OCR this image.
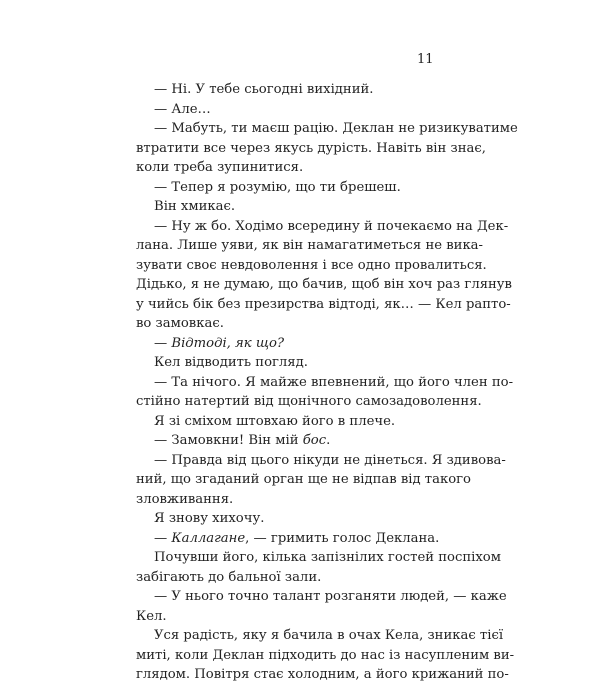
11

— Ні. У тебе сьогодні вихідний.

— Але…

— Мабуть, ти маєш рацію. Деклан не ризикуватиме
втратити все через якусь дурість. Навіть він знає,
коли треба зупинитися.

— Тепер я розумію, що ти брешеш.

Він хмикає.

— Ну ж бо. Ходімо всередину й почекаємо на Дек-
лана. Лише уяви, як він намагатиметься не вика-
зувати своє невдоволення і все одно провалиться.
Дідько, я не думаю, що бачив, щоб він хоч раз глянув
у чийсь бік без презирства відтоді, як… — Кел рапто-
во замовкає.

— Відтоді, як що?

Кел відводить погляд.

— Та нічого. Я майже впевнений, що його член по-
стійно натертий від щонічного самозадоволення.

Я зі сміхом штовхаю його в плече.

— Замовкни! Він мій бос.

— Правда від цього нікуди не дінеться. Я здивова-
ний, що згаданий орган ще не відпав від такого
зловживання.

Я знову хихочу.

— Каллагане, — гримить голос Деклана.

Почувши його, кілька запізнілих гостей поспіхом
забігають до бальної зали.

— У нього точно талант розганяти людей, — каже
Кел.

Уся радість, яку я бачила в очах Кела, зникає тієї
миті, коли Деклан підходить до нас із насупленим ви-
глядом. Повітря стає холодним, а його крижаний по-
